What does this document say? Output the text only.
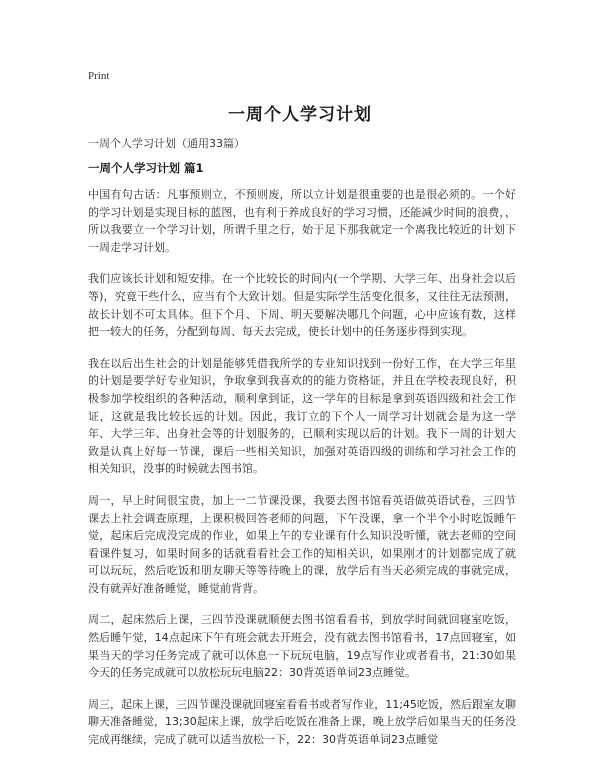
Print
一周个人学习计划
一周个人学习计划（通用33篇）
一周个人学习计划 篇1

中国有句古话：凡事预则立，不预则废，所以立计划是很重要的也是很必须的。一个好的学习计划是实现目标的蓝图，也有利于养成良好的学习习惯，还能减少时间的浪费，，所以我要立一个学习计划，所谓千里之行，始于足下那我就定一个离我比较近的计划下一周走学习计划。

我们应该长计划和短安排。在一个比较长的时间内(一个学期、大学三年、出身社会以后等)，究竟干些什么，应当有个大致计划。但是实际学生活变化很多，又往往无法预测，故长计划不可太具体。但下个月、下周、明天要解决哪几个问题，心中应该有数，这样把一较大的任务，分配到每周、每天去完成，使长计划中的任务逐步得到实现。

我在以后出生社会的计划是能够凭借我所学的专业知识找到一份好工作，在大学三年里的计划是要学好专业知识，争取拿到我喜欢的的能力资格证，并且在学校表现良好，积极参加学校组织的各种活动，顺利拿到证，这一学年的目标是拿到英语四级和社会工作证，这就是我比较长远的计划。因此，我订立的下个人一周学习计划就会是为这一学年、大学三年、出身社会等的计划服务的，已顺利实现以后的计划。我下一周的计划大致是认真上好每一节课，课后一些相关知识，加强对英语四级的训练和学习社会工作的相关知识，没事的时候就去图书馆。

周一，早上时间很宝贵，加上一二节课没课，我要去图书馆看英语做英语试卷，三四节课去上社会调查原理，上课积极回答老师的问题，下午没课，拿一个半个小时吃饭睡午觉，起床后完成没完成的作业，如果上午的专业课有什么知识没听懂，就去老师的空间看课件复习，如果时间多的话就看看社会工作的知相关识，如果刚才的计划都完成了就可以玩玩，然后吃饭和朋友聊天等等待晚上的课，放学后有当天必须完成的事就完成，没有就弄好准备睡觉，睡觉前背背。

周二，起床然后上课，三四节没课就顺便去图书馆看看书，到放学时间就回寝室吃饭，然后睡午觉，14点起床下午有班会就去开班会，没有就去图书馆看书，17点回寝室，如果当天的学习任务完成了就可以休息一下玩玩电脑，19点写作业或者看书，21:30如果今天的任务完成就可以放松玩玩电脑22：30背英语单词23点睡觉。

周三，起床上课，三四节课没课就回寝室看看书或者写作业，11;45吃饭，然后跟室友聊聊天准备睡觉，13;30起床上课，放学后吃饭在准备上课，晚上放学后如果当天的任务没完成再继续，完成了就可以适当放松一下，22：30背英语单词23点睡觉
